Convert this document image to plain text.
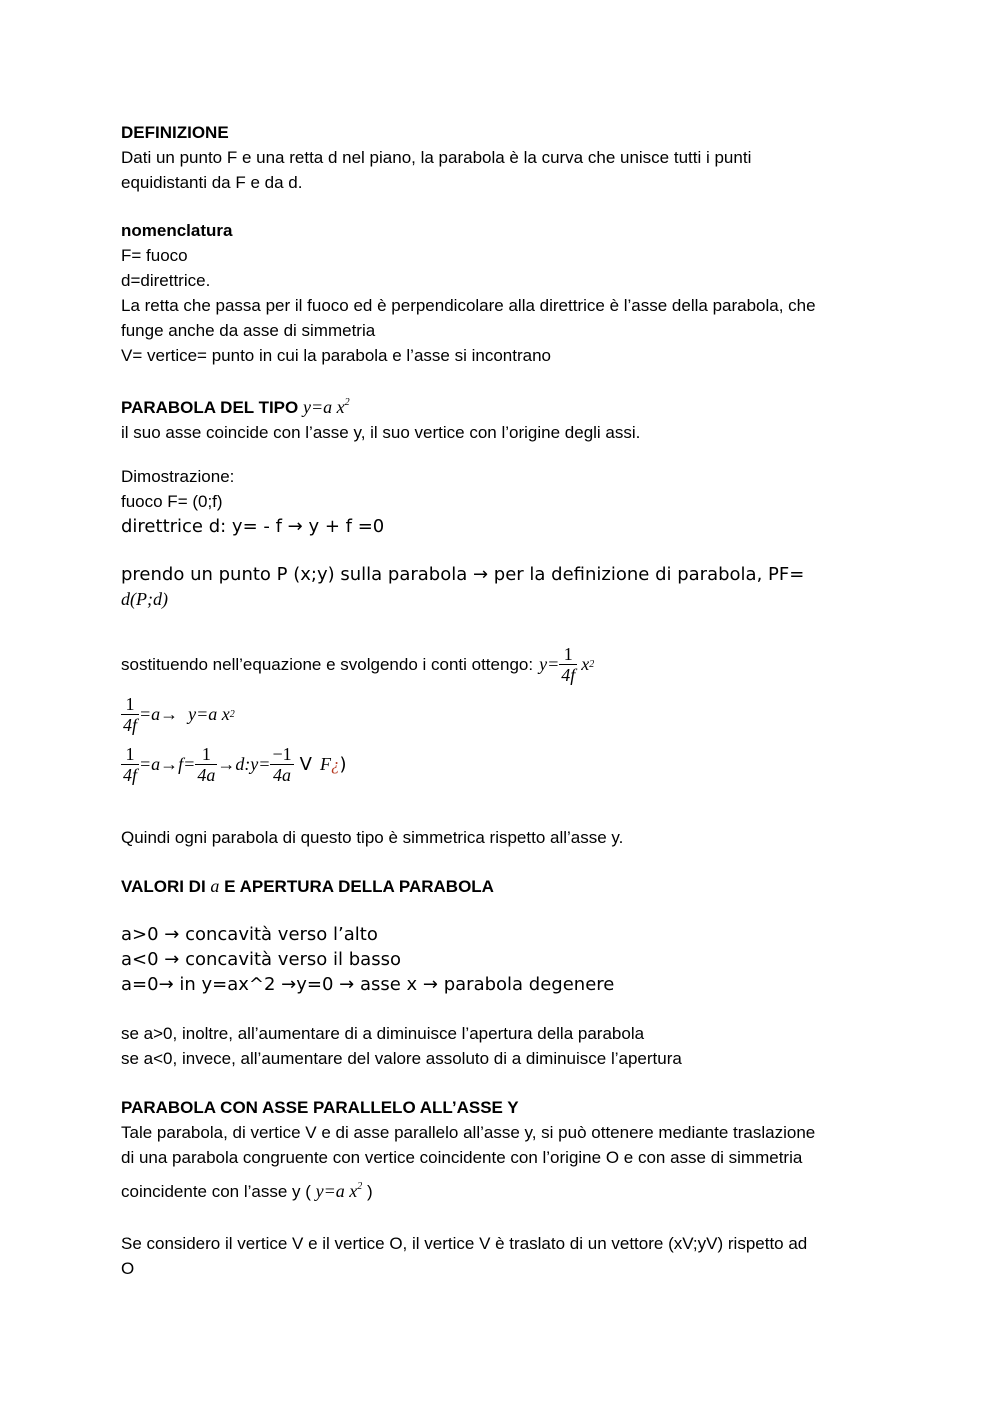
DEFINIZIONE
Dati un punto F e una retta d nel piano, la parabola è la curva che unisce tutti i punti
equidistanti da F e da d.
nomenclatura
F= fuoco
d=direttrice.
La retta che passa per il fuoco ed è perpendicolare alla direttrice è l’asse della parabola, che
funge anche da asse di simmetria
V= vertice= punto in cui la parabola e l’asse si incontrano
PARABOLA DEL TIPO y=a $x^2$
il suo asse coincide con l’asse y, il suo vertice con l’origine degli assi.
Dimostrazione:
fuoco F= (0;f)
direttrice d: y= - f → y + f =0
prendo un punto P (x;y) sulla parabola → per la definizione di parabola, PF=
d(P;d)
sostituendo nell’equazione e svolgendo i conti ottengo: $y= \frac{1}{4f}$ x 2
$\frac{1}{4f} =a\to y=a$ x 2
$\frac{1}{4f} =a\to f= \frac{1}{4a}$ →d:y= $\frac{-1}{4a}$ V F ¿ )
Quindi ogni parabola di questo tipo è simmetrica rispetto all’asse y.
VALORI DI a E APERTURA DELLA PARABOLA
a>0 → concavità verso l’alto
a<0 → concavità verso il basso
a=0→ in y=ax^2 →y=0 → asse x → parabola degenere
se a>0, inoltre, all’aumentare di a diminuisce l’apertura della parabola
se a<0, invece, all’aumentare del valore assoluto di a diminuisce l’apertura
PARABOLA CON ASSE PARALLELO ALL’ASSE Y
Tale parabola, di vertice V e di asse parallelo all’asse y, si può ottenere mediante traslazione
di una parabola congruente con vertice coincidente con l’origine O e con asse di simmetria
coincidente con l’asse y ( y=a $x^2$ )
Se considero il vertice V e il vertice O, il vertice V è traslato di un vettore (xV;yV) rispetto ad
O
